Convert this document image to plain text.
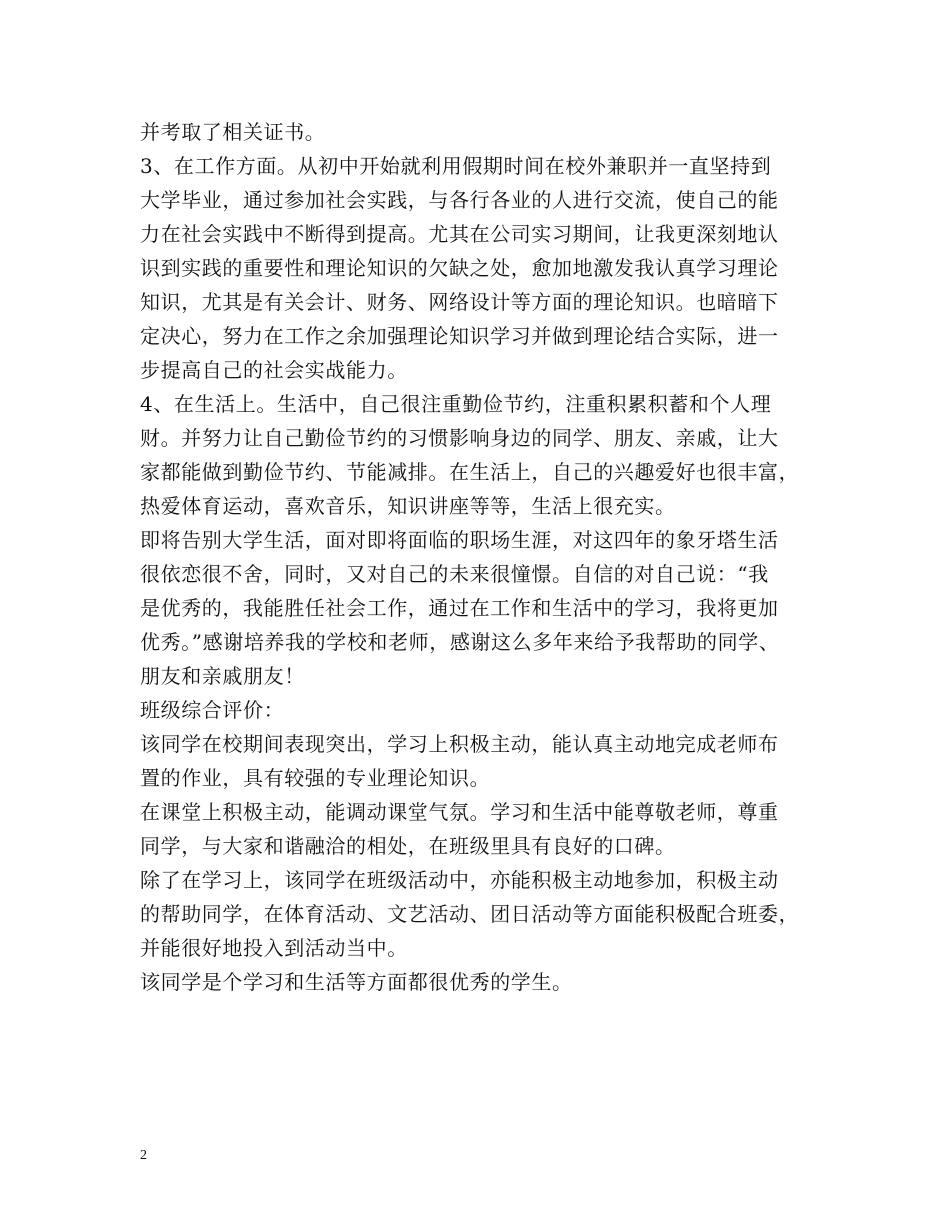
并考取了相关证书。
3、在工作方面。从初中开始就利用假期时间在校外兼职并一直坚持到
大学毕业，通过参加社会实践，与各行各业的人进行交流，使自己的能
力在社会实践中不断得到提高。尤其在公司实习期间，让我更深刻地认
识到实践的重要性和理论知识的欠缺之处，愈加地激发我认真学习理论
知识，尤其是有关会计、财务、网络设计等方面的理论知识。也暗暗下
定决心，努力在工作之余加强理论知识学习并做到理论结合实际，进一
步提高自己的社会实战能力。
4、在生活上。生活中，自己很注重勤俭节约，注重积累积蓄和个人理
财。并努力让自己勤俭节约的习惯影响身边的同学、朋友、亲戚，让大
家都能做到勤俭节约、节能减排。在生活上，自己的兴趣爱好也很丰富，
热爱体育运动，喜欢音乐，知识讲座等等，生活上很充实。
即将告别大学生活，面对即将面临的职场生涯，对这四年的象牙塔生活
很依恋很不舍，同时，又对自己的未来很憧憬。自信的对自己说：“我
是优秀的，我能胜任社会工作，通过在工作和生活中的学习，我将更加
优秀。”感谢培养我的学校和老师，感谢这么多年来给予我帮助的同学、
朋友和亲戚朋友！
班级综合评价：
该同学在校期间表现突出，学习上积极主动，能认真主动地完成老师布
置的作业，具有较强的专业理论知识。
在课堂上积极主动，能调动课堂气氛。学习和生活中能尊敬老师，尊重
同学，与大家和谐融洽的相处，在班级里具有良好的口碑。
除了在学习上，该同学在班级活动中，亦能积极主动地参加，积极主动
的帮助同学，在体育活动、文艺活动、团日活动等方面能积极配合班委，
并能很好地投入到活动当中。
该同学是个学习和生活等方面都很优秀的学生。
2
